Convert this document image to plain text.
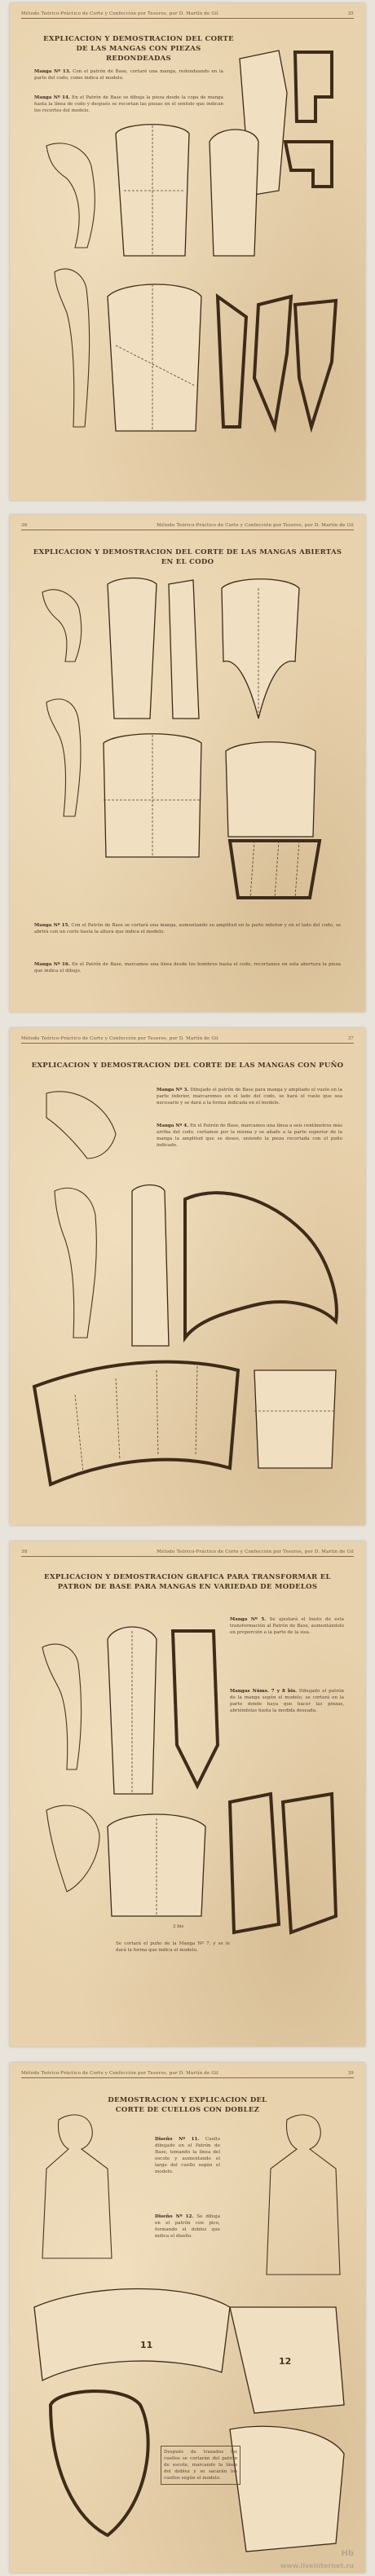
Método Teórico-Práctico de Corte y Confección por Tesoros, por D. Martín de Gil	35
EXPLICACION Y DEMOSTRACION DEL CORTE DE LAS MANGAS CON PIEZAS REDONDEADAS
Manga Nº 13. Con el patrón de Base, cortaré una manga, redondeando en la parte del codo, como indica el modelo.
Manga Nº 14. En el Patrón de Base se dibuja la pieza desde la copa de manga hasta la línea de codo y después se recortan las piezas en el sentido que indican los recortes del modelo.
36	Método Teórico-Práctico de Corte y Confección por Tesoros, por D. Martín de Gil
EXPLICACION Y DEMOSTRACION DEL CORTE DE LAS MANGAS ABIERTAS EN EL CODO
Manga Nº 15. Con el Patrón de Base se cortará una manga, aumentando su amplitud en la parte inferior y en el lado del codo, se abrirá con un corte hasta la altura que indica el modelo.
Manga Nº 16. En el Patrón de Base, marcamos una línea desde los hombros hasta el codo, recortamos en esta abertura la pieza que indica el dibujo.
Método Teórico-Práctico de Corte y Confección por Tesoros, por D. Martín de Gil	37
EXPLICACION Y DEMOSTRACION DEL CORTE DE LAS MANGAS CON PUÑO
Manga Nº 3. Dibujado el patrón de Base para manga y ampliado el vuelo en la parte inferior, marcaremos en el lado del codo, se hará el vuelo que sea necesario y se dará a la forma indicada en el modelo.
Manga Nº 4. En el Patrón de Base, marcamos una línea a seis centímetros más arriba del codo, cortamos por la misma y se añade a la parte superior de la manga la amplitud que se desee, uniendo la pieza recortada con el puño indicado.
38	Método Teórico-Práctico de Corte y Confección por Tesoros, por D. Martín de Gil
EXPLICACION Y DEMOSTRACION GRAFICA PARA TRANSFORMAR EL PATRON DE BASE PARA MANGAS EN VARIEDAD DE MODELOS
Manga Nº 5. Se ajustará el busto de esta transformación al Patrón de Base, aumentándolo en proporción a la parte de la sisa.
Mangas Núms. 7 y 8 bis. Dibujado el patrón de la manga según el modelo, se cortará en la parte donde haya que hacer las pinzas, abriéndolas hasta la medida deseada.
Se cortará el puño de la Manga Nº 7, y se le dará la forma que indica el modelo.
2 bis
Método Teórico-Práctico de Corte y Confección por Tesoros, por D. Martín de Gil	39
DEMOSTRACION Y EXPLICACION DEL CORTE DE CUELLOS CON DOBLEZ
Diseño Nº 11. Cuello dibujado en el Patrón de Base, tomando la línea del escote y aumentando el largo del cuello según el modelo.
Diseño Nº 12. Se dibuja en el patrón con pico, formando el doblez que indica el diseño.
11
12
Después de trazados los cuellos se cortarán del patrón de escote, marcando la línea del doblez y se sacarán los cuellos según el modelo.
Hb
www.liveinternet.ru
